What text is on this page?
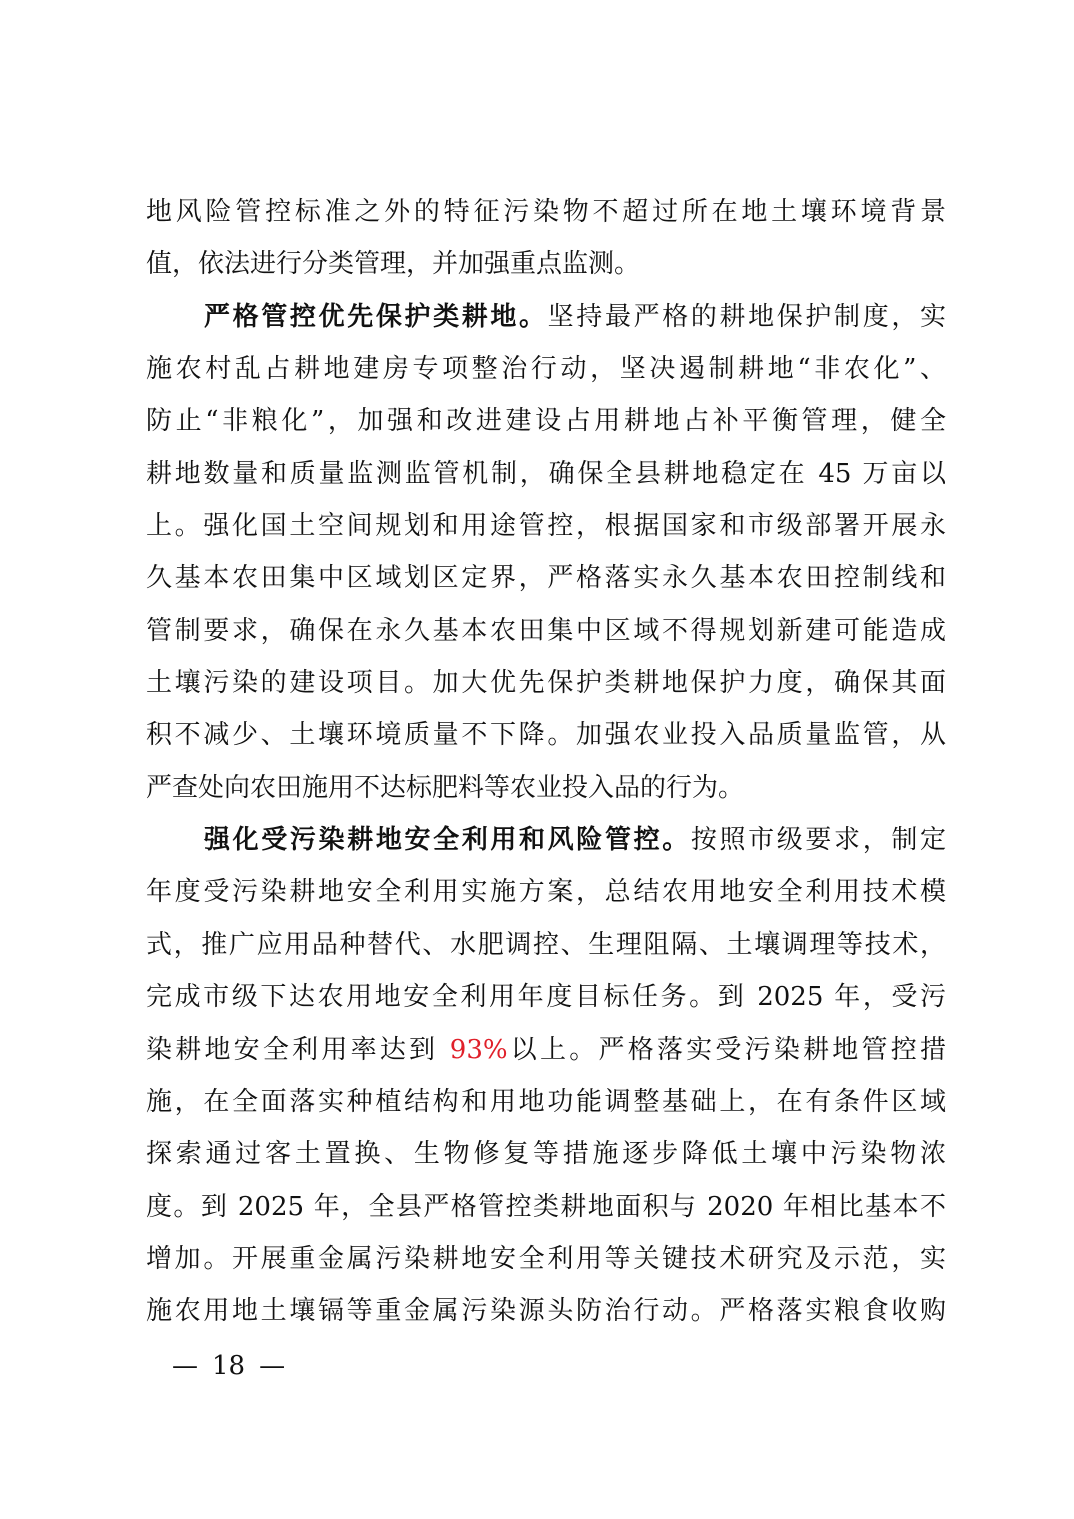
地风险管控标准之外的特征污染物不超过所在地土壤环境背景
值，依法进行分类管理，并加强重点监测。
严格管控优先保护类耕地。坚持最严格的耕地保护制度，实
施农村乱占耕地建房专项整治行动，坚决遏制耕地“非农化”、
防止“非粮化”，加强和改进建设占用耕地占补平衡管理，健全
耕地数量和质量监测监管机制，确保全县耕地稳定在 45 万亩以
上。强化国土空间规划和用途管控，根据国家和市级部署开展永
久基本农田集中区域划区定界，严格落实永久基本农田控制线和
管制要求，确保在永久基本农田集中区域不得规划新建可能造成
土壤污染的建设项目。加大优先保护类耕地保护力度，确保其面
积不减少、土壤环境质量不下降。加强农业投入品质量监管，从
严查处向农田施用不达标肥料等农业投入品的行为。
强化受污染耕地安全利用和风险管控。按照市级要求，制定
年度受污染耕地安全利用实施方案，总结农用地安全利用技术模
式，推广应用品种替代、水肥调控、生理阻隔、土壤调理等技术，
完成市级下达农用地安全利用年度目标任务。到 2025 年，受污
染耕地安全利用率达到 93%以上。严格落实受污染耕地管控措
施，在全面落实种植结构和用地功能调整基础上，在有条件区域
探索通过客土置换、生物修复等措施逐步降低土壤中污染物浓
度。到 2025 年，全县严格管控类耕地面积与 2020 年相比基本不
增加。开展重金属污染耕地安全利用等关键技术研究及示范，实
施农用地土壤镉等重金属污染源头防治行动。严格落实粮食收购
— 18 —
